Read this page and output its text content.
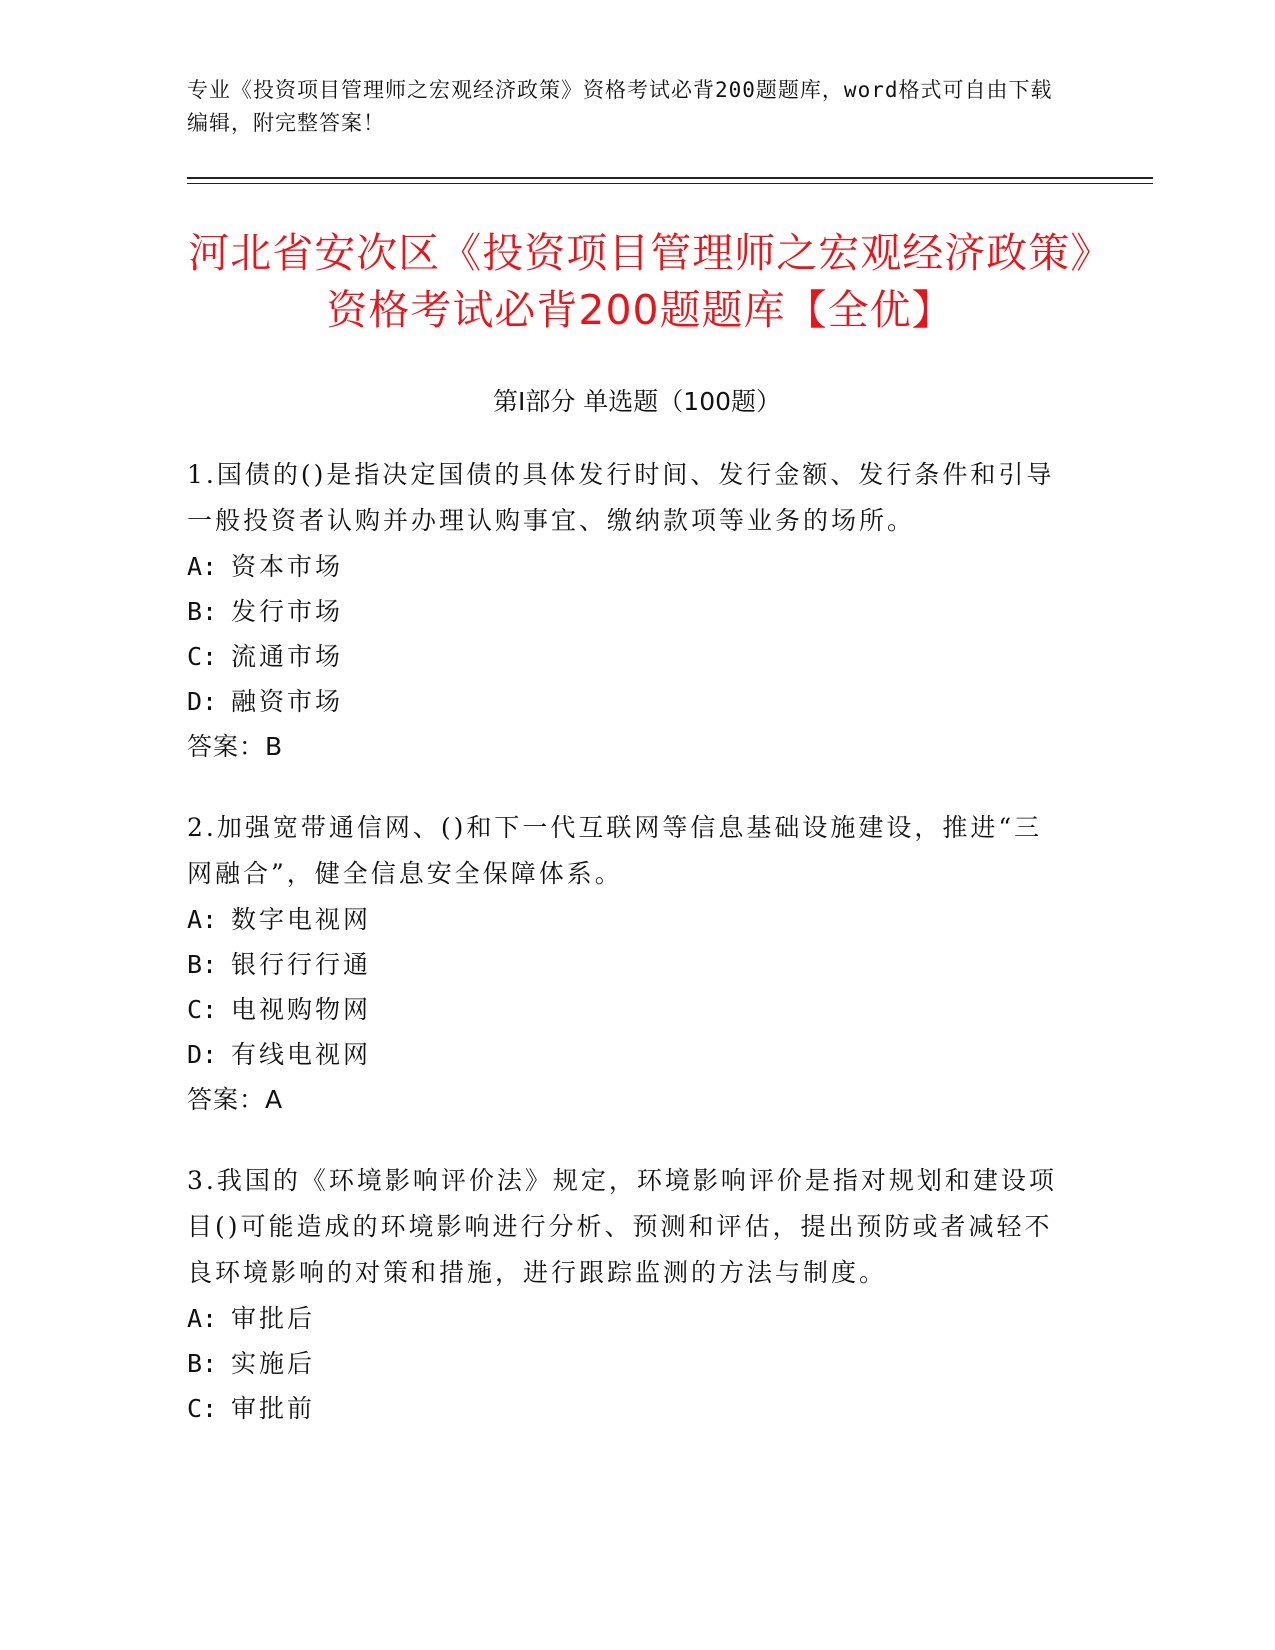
专业《投资项目管理师之宏观经济政策》资格考试必背200题题库，word格式可自由下载编辑，附完整答案！
河北省安次区《投资项目管理师之宏观经济政策》资格考试必背200题题库【全优】
第I部分 单选题（100题）

1.国债的()是指决定国债的具体发行时间、发行金额、发行条件和引导一般投资者认购并办理认购事宜、缴纳款项等业务的场所。

A: 资本市场

B: 发行市场

C: 流通市场

D: 融资市场

答案：B

2.加强宽带通信网、()和下一代互联网等信息基础设施建设，推进“三网融合”，健全信息安全保障体系。

A: 数字电视网

B: 银行行行通

C: 电视购物网

D: 有线电视网

答案：A

3.我国的《环境影响评价法》规定，环境影响评价是指对规划和建设项目()可能造成的环境影响进行分析、预测和评估，提出预防或者减轻不良环境影响的对策和措施，进行跟踪监测的方法与制度。

A: 审批后

B: 实施后

C: 审批前
